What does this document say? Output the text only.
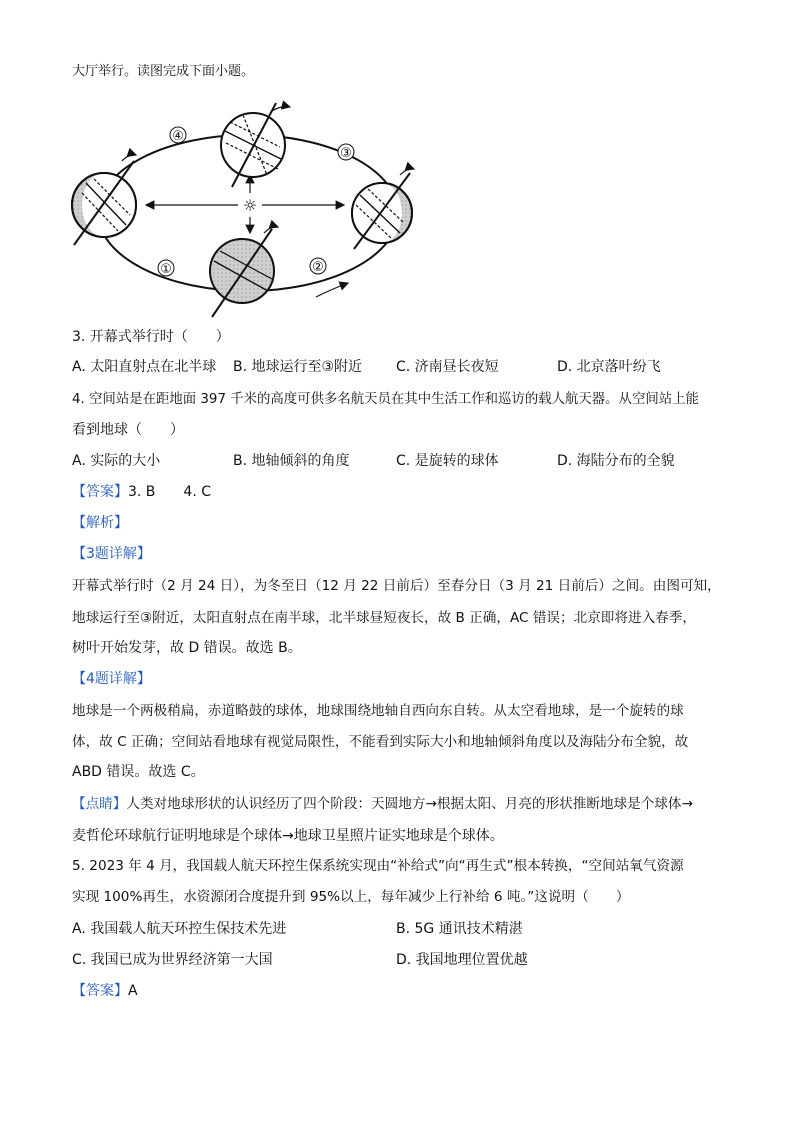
大厅举行。读图完成下面小题。
☼
①	②
③
④
3. 开幕式举行时（　　）
A. 太阳直射点在北半球 B. 地球运行至③附近 C. 济南昼长夜短	D. 北京落叶纷飞
4. 空间站是在距地面 397 千米的高度可供多名航天员在其中生活工作和巡访的载人航天器。从空间站上能
看到地球（　　）
A. 实际的大小	B. 地轴倾斜的角度	C. 是旋转的球体	D. 海陆分布的全貌
【答案】3. B　　4. C
【解析】
【3题详解】
开幕式举行时（2 月 24 日），为冬至日（12 月 22 日前后）至春分日（3 月 21 日前后）之间。由图可知，
地球运行至③附近，太阳直射点在南半球，北半球昼短夜长，故 B 正确，AC 错误；北京即将进入春季，
树叶开始发芽，故 D 错误。故选 B。
【4题详解】
地球是一个两极稍扁，赤道略鼓的球体，地球围绕地轴自西向东自转。从太空看地球，是一个旋转的球
体，故 C 正确；空间站看地球有视觉局限性，不能看到实际大小和地轴倾斜角度以及海陆分布全貌，故
ABD 错误。故选 C。
【点睛】人类对地球形状的认识经历了四个阶段：天圆地方→根据太阳、月亮的形状推断地球是个球体→
麦哲伦环球航行证明地球是个球体→地球卫星照片证实地球是个球体。
5. 2023 年 4 月，我国载人航天环控生保系统实现由“补给式”向“再生式”根本转换，“空间站氧气资源
实现 100%再生，水资源闭合度提升到 95%以上，每年减少上行补给 6 吨。”这说明（　　）
A. 我国载人航天环控生保技术先进	B. 5G 通讯技术精湛
C. 我国已成为世界经济第一大国	D. 我国地理位置优越
【答案】A
